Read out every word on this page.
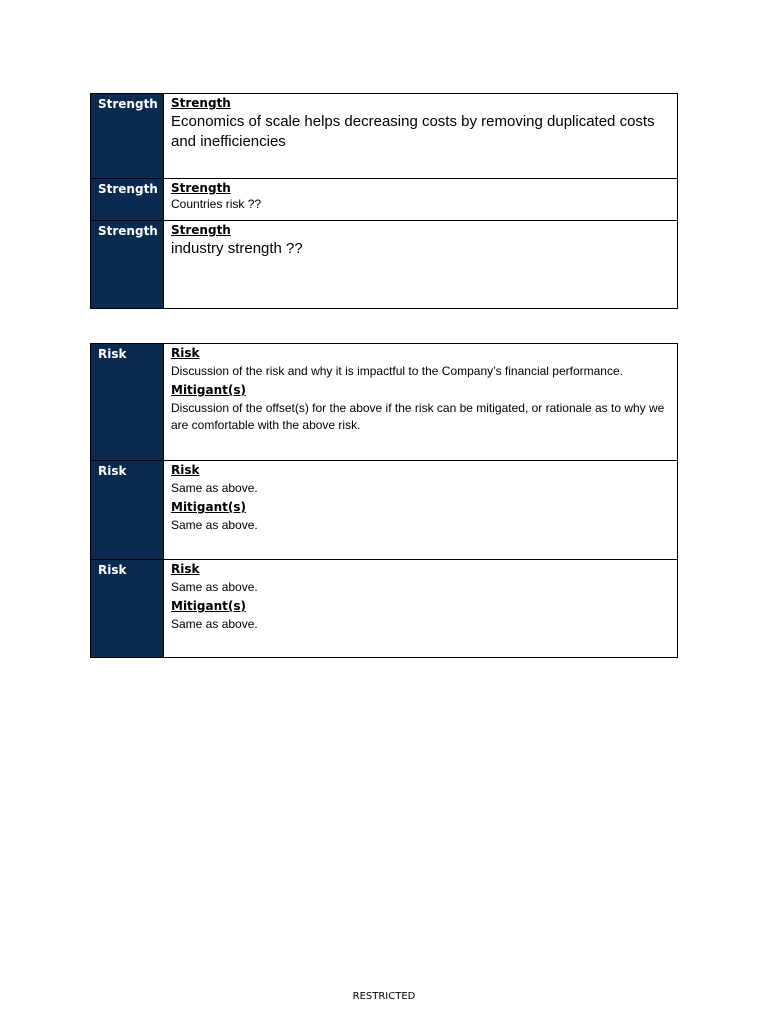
Strength	Strength
Economics of scale helps decreasing costs by removing duplicated costs and inefficiencies
Strength	Strength
Countries risk ??
Strength	Strength
industry strength ??
Risk	Risk
Discussion of the risk and why it is impactful to the Company’s financial performance.
Mitigant(s)
Discussion of the offset(s) for the above if the risk can be mitigated, or rationale as to why we are comfortable with the above risk.
Risk	Risk
Same as above.
Mitigant(s)
Same as above.
Risk	Risk
Same as above.
Mitigant(s)
Same as above.
RESTRICTED
